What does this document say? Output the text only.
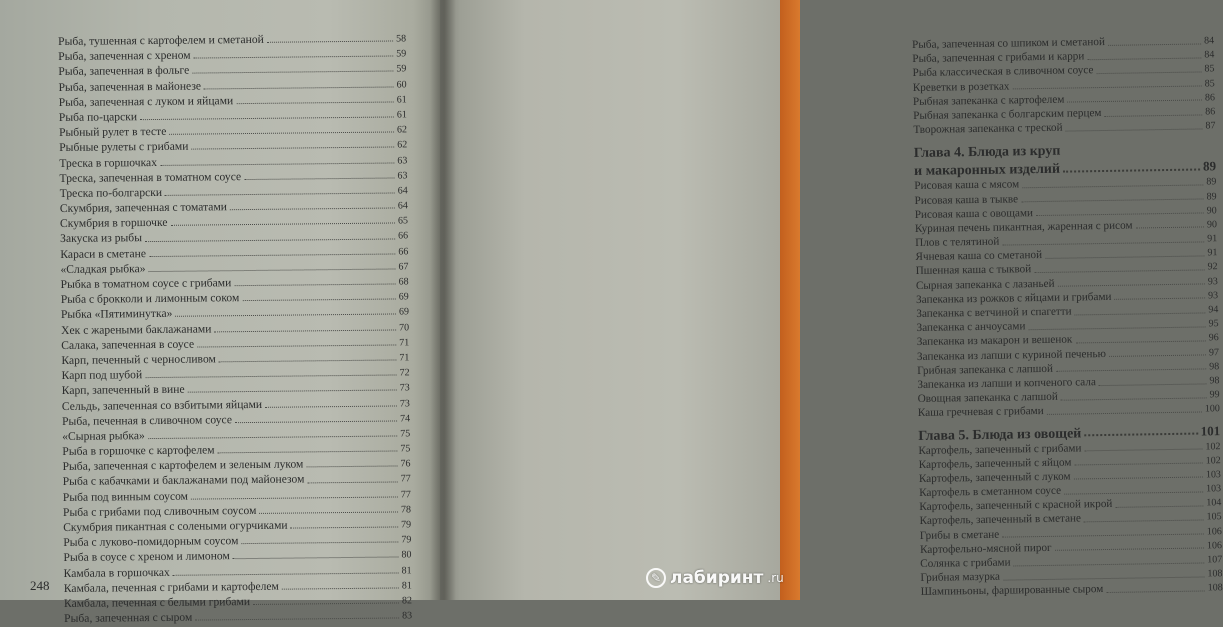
Рыба, тушенная с картофелем и сметаной	58
Рыба, запеченная с хреном	59
Рыба, запеченная в фольге	59
Рыба, запеченная в майонезе	60
Рыба, запеченная с луком и яйцами	61
Рыба по-царски	61
Рыбный рулет в тесте	62
Рыбные рулеты с грибами	62
Треска в горшочках	63
Треска, запеченная в томатном соусе	63
Треска по-болгарски	64
Скумбрия, запеченная с томатами	64
Скумбрия в горшочке	65
Закуска из рыбы	66
Караси в сметане	66
«Сладкая рыбка»	67
Рыбка в томатном соусе с грибами	68
Рыба с брокколи и лимонным соком	69
Рыбка «Пятиминутка»	69
Хек с жареными баклажанами	70
Салака, запеченная в соусе	71
Карп, печенный с черносливом	71
Карп под шубой	72
Карп, запеченный в вине	73
Сельдь, запеченная со взбитыми яйцами	73
Рыба, печенная в сливочном соусе	74
«Сырная рыбка»	75
Рыба в горшочке с картофелем	75
Рыба, запеченная с картофелем и зеленым луком	76
Рыба с кабачками и баклажанами под майонезом	77
Рыба под винным соусом	77
Рыба с грибами под сливочным соусом	78
Скумбрия пикантная с солеными огурчиками	79
Рыба с луково-помидорным соусом	79
Рыба в соусе с хреном и лимоном	80
Камбала в горшочках	81
Камбала, печенная с грибами и картофелем	81
Камбала, печенная с белыми грибами	82
Рыба, запеченная с сыром	83
248
Рыба, запеченная со шпиком и сметаной	84
Рыба, запеченная с грибами и карри	84
Рыба классическая в сливочном соусе	85
Креветки в розетках	85
Рыбная запеканка с картофелем	86
Рыбная запеканка с болгарским перцем	86
Творожная запеканка с треской	87
Глава 4. Блюда из круп
и макаронных изделий	89
Рисовая каша с мясом	89
Рисовая каша в тыкве	89
Рисовая каша с овощами	90
Куриная печень пикантная, жаренная с рисом	90
Плов с телятиной	91
Ячневая каша со сметаной	91
Пшенная каша с тыквой	92
Сырная запеканка с лазаньей	93
Запеканка из рожков с яйцами и грибами	93
Запеканка с ветчиной и спагетти	94
Запеканка с анчоусами	95
Запеканка из макарон и вешенок	96
Запеканка из лапши с куриной печенью	97
Грибная запеканка с лапшой	98
Запеканка из лапши и копченого сала	98
Овощная запеканка с лапшой	99
Каша гречневая с грибами	100
Глава 5. Блюда из овощей	101
Картофель, запеченный с грибами	102
Картофель, запеченный с яйцом	102
Картофель, запеченный с луком	103
Картофель в сметанном соусе	103
Картофель, запеченный с красной икрой	104
Картофель, запеченный в сметане	105
Грибы в сметане	106
Картофельно-мясной пирог	106
Солянка с грибами	107
Грибная мазурка	108
Шампиньоны, фаршированные сыром	108
✎ лабиринт .ru
